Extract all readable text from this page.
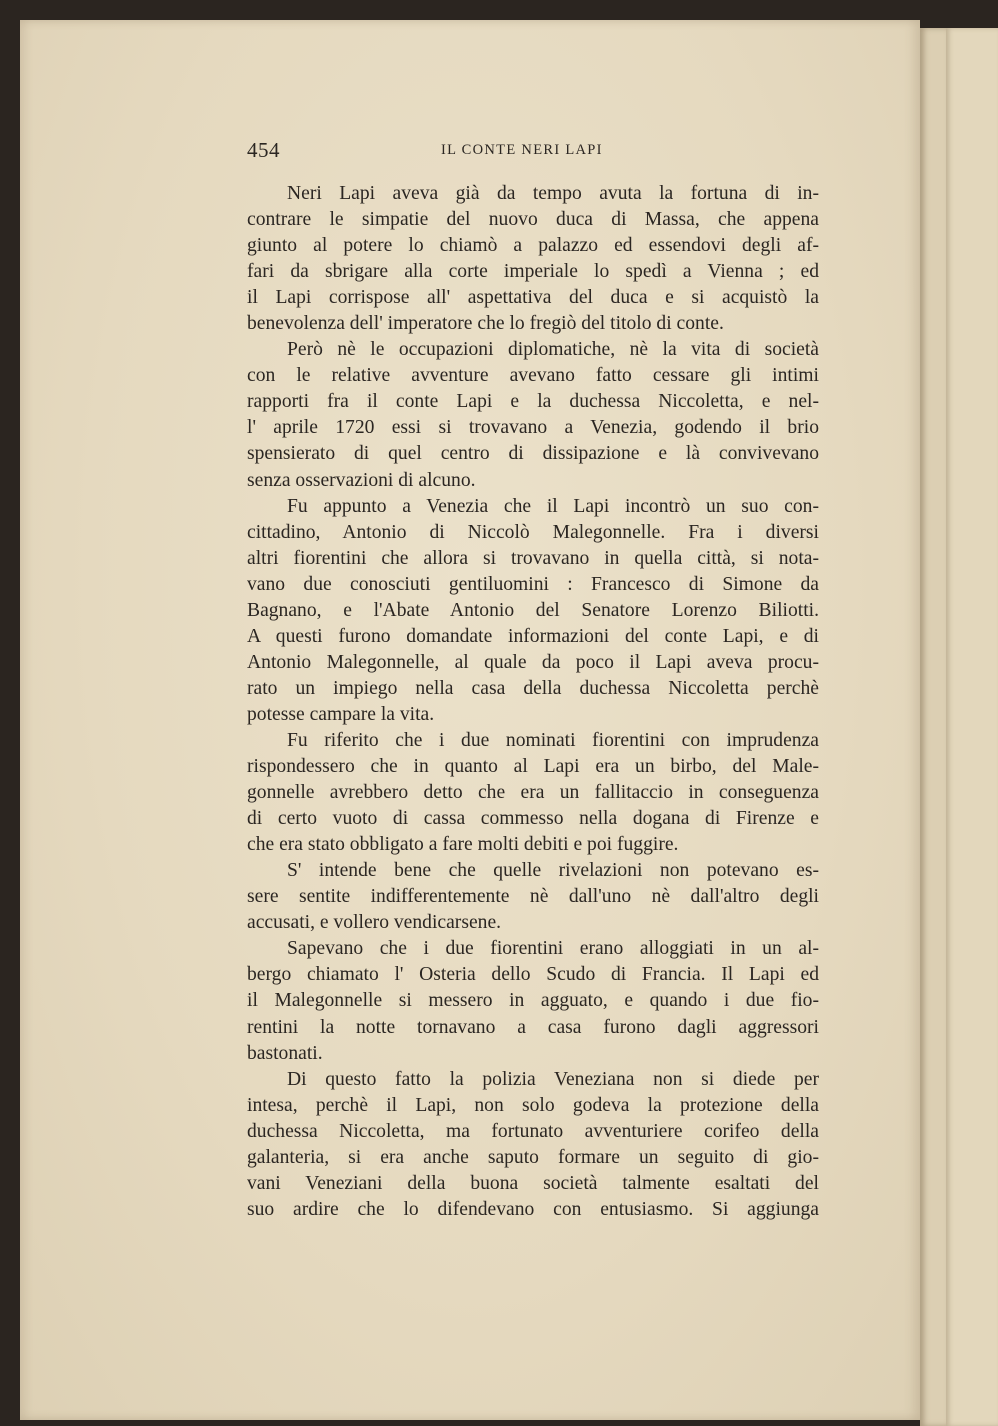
454	IL CONTE NERI LAPI
Neri Lapi aveva già da tempo avuta la fortuna di in-
contrare le simpatie del nuovo duca di Massa, che appena
giunto al potere lo chiamò a palazzo ed essendovi degli af-
fari da sbrigare alla corte imperiale lo spedì a Vienna ; ed
il Lapi corrispose all' aspettativa del duca e si acquistò la
benevolenza dell' imperatore che lo fregiò del titolo di conte.
Però nè le occupazioni diplomatiche, nè la vita di società
con le relative avventure avevano fatto cessare gli intimi
rapporti fra il conte Lapi e la duchessa Niccoletta, e nel-
l' aprile 1720 essi si trovavano a Venezia, godendo il brio
spensierato di quel centro di dissipazione e là convivevano
senza osservazioni di alcuno.
Fu appunto a Venezia che il Lapi incontrò un suo con-
cittadino, Antonio di Niccolò Malegonnelle. Fra i diversi
altri fiorentini che allora si trovavano in quella città, si nota-
vano due conosciuti gentiluomini : Francesco di Simone da
Bagnano, e l'Abate Antonio del Senatore Lorenzo Biliotti.
A questi furono domandate informazioni del conte Lapi, e di
Antonio Malegonnelle, al quale da poco il Lapi aveva procu-
rato un impiego nella casa della duchessa Niccoletta perchè
potesse campare la vita.
Fu riferito che i due nominati fiorentini con imprudenza
rispondessero che in quanto al Lapi era un birbo, del Male-
gonnelle avrebbero detto che era un fallitaccio in conseguenza
di certo vuoto di cassa commesso nella dogana di Firenze e
che era stato obbligato a fare molti debiti e poi fuggire.
S' intende bene che quelle rivelazioni non potevano es-
sere sentite indifferentemente nè dall'uno nè dall'altro degli
accusati, e vollero vendicarsene.
Sapevano che i due fiorentini erano alloggiati in un al-
bergo chiamato l' Osteria dello Scudo di Francia. Il Lapi ed
il Malegonnelle si messero in agguato, e quando i due fio-
rentini la notte tornavano a casa furono dagli aggressori
bastonati.
Di questo fatto la polizia Veneziana non si diede per
intesa, perchè il Lapi, non solo godeva la protezione della
duchessa Niccoletta, ma fortunato avventuriere corifeo della
galanteria, si era anche saputo formare un seguito di gio-
vani Veneziani della buona società talmente esaltati del
suo ardire che lo difendevano con entusiasmo. Si aggiunga
